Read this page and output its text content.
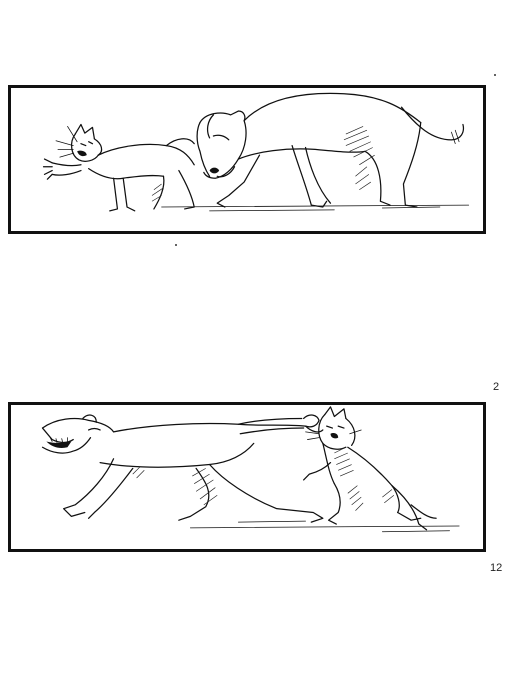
2
12
